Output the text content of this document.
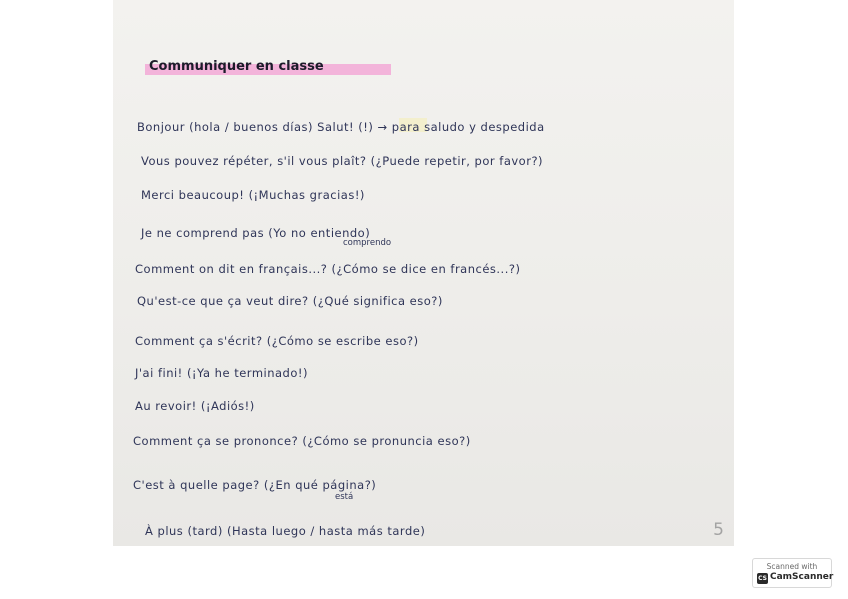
Communiquer en classe
Bonjour (hola / buenos días) Salut! (!) → para saludo y despedida
Vous pouvez répéter, s'il vous plaît? (¿Puede repetir, por favor?)
Merci beaucoup! (¡Muchas gracias!)
Je ne comprend pas (Yo no entiendo)
comprendo
Comment on dit en français...? (¿Cómo se dice en francés...?)
Qu'est-ce que ça veut dire? (¿Qué significa eso?)
Comment ça s'écrit? (¿Cómo se escribe eso?)
J'ai fini! (¡Ya he terminado!)
Au revoir! (¡Adiós!)
Comment ça se prononce? (¿Cómo se pronuncia eso?)
C'est à quelle page? (¿En qué página?)
está
À plus (tard) (Hasta luego / hasta más tarde)	5
Scanned with
CS CamScanner
